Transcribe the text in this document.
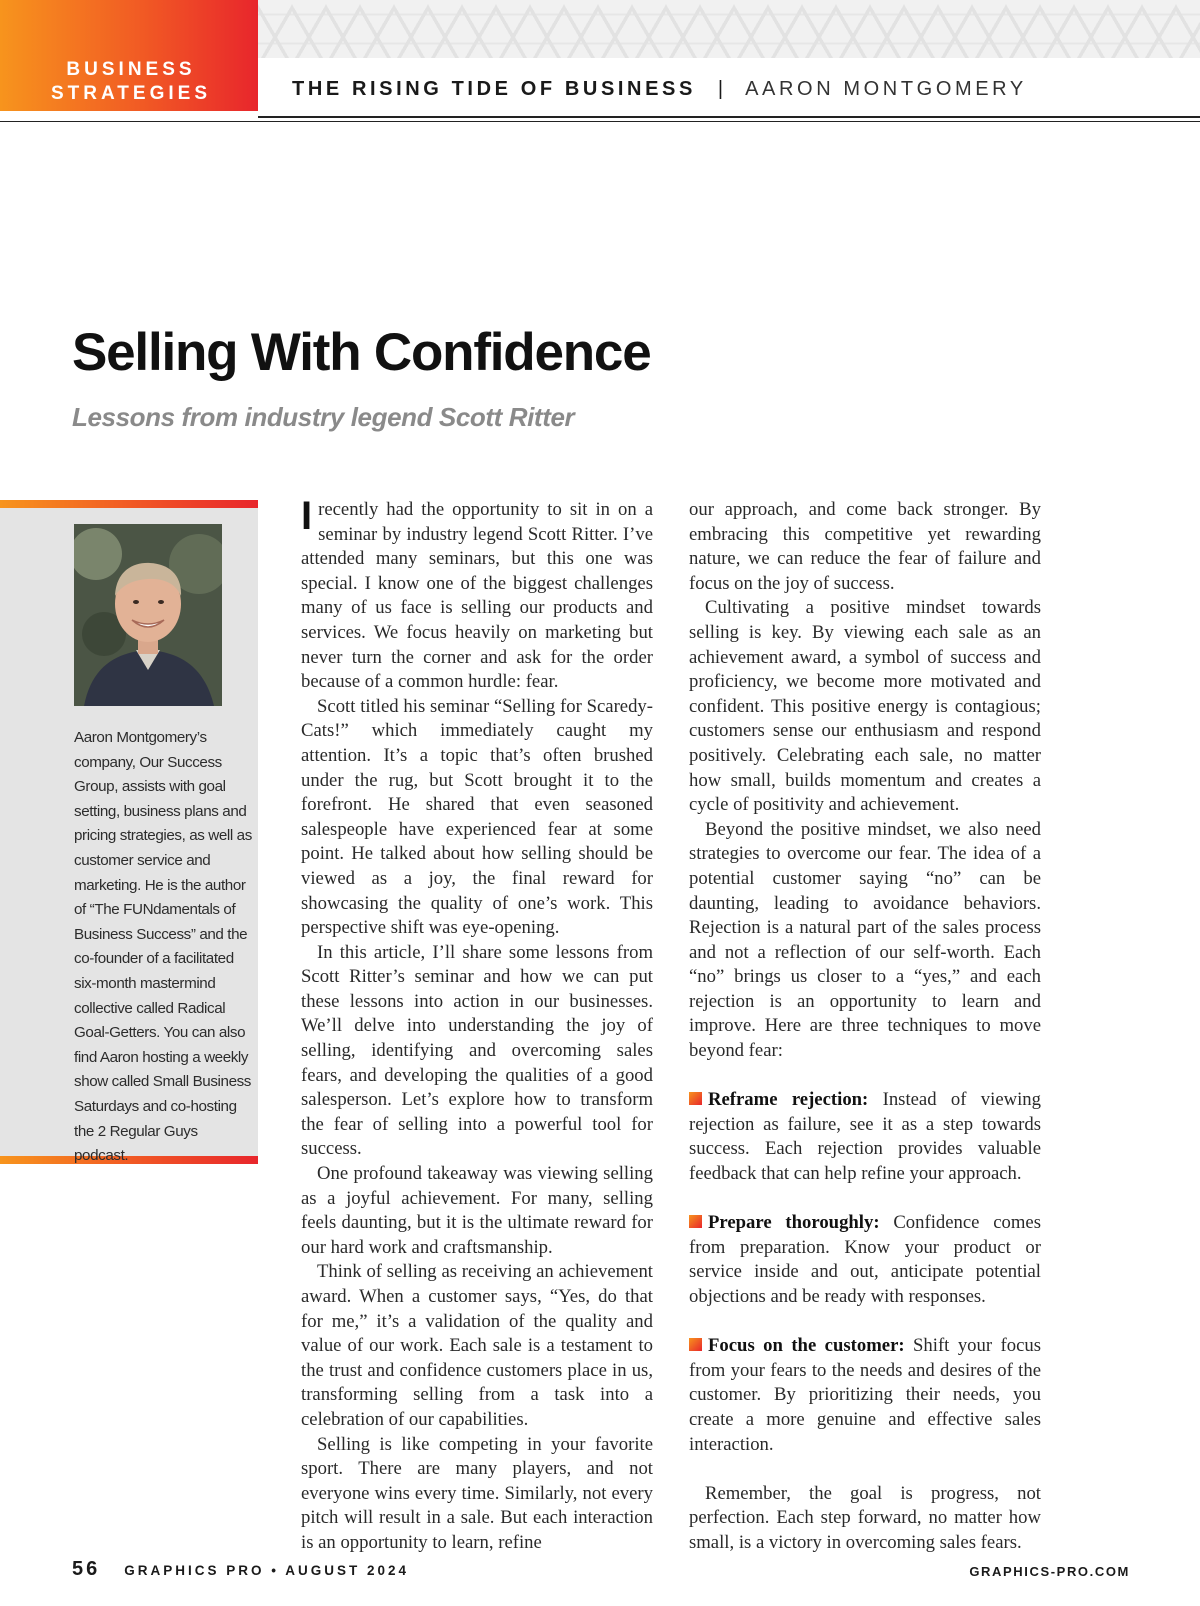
BUSINESS
STRATEGIES	THE RISING TIDE OF BUSINESS | AARON MONTGOMERY
Selling With Confidence
Lessons from industry legend Scott Ritter
Aaron Montgomery’s company, Our Success Group, assists with goal setting, business plans and pricing strategies, as well as customer service and marketing. He is the author of “The FUNdamentals of Business Success” and the co-founder of a facilitated six-month mastermind collective called Radical Goal-Getters. You can also find Aaron hosting a weekly show called Small Business Saturdays and co-hosting the 2 Regular Guys podcast.

Irecently had the opportunity to sit in on a seminar by industry legend Scott Ritter. I’ve attended many seminars, but this one was special. I know one of the biggest challenges many of us face is selling our products and services. We focus heavily on marketing but never turn the corner and ask for the order because of a common hurdle: fear.

Scott titled his seminar “Selling for Scaredy-Cats!” which immediately caught my attention. It’s a topic that’s often brushed under the rug, but Scott brought it to the forefront. He shared that even seasoned salespeople have experienced fear at some point. He talked about how selling should be viewed as a joy, the final reward for showcasing the quality of one’s work. This perspective shift was eye-opening.

In this article, I’ll share some lessons from Scott Ritter’s seminar and how we can put these lessons into action in our businesses. We’ll delve into understanding the joy of selling, identifying and overcoming sales fears, and developing the qualities of a good salesperson. Let’s explore how to transform the fear of selling into a powerful tool for success.

One profound takeaway was viewing selling as a joyful achievement. For many, selling feels daunting, but it is the ultimate reward for our hard work and craftsmanship.

Think of selling as receiving an achievement award. When a customer says, “Yes, do that for me,” it’s a validation of the quality and value of our work. Each sale is a testament to the trust and confidence customers place in us, transforming selling from a task into a celebration of our capabilities.

Selling is like competing in your favorite sport. There are many players, and not everyone wins every time. Similarly, not every pitch will result in a sale. But each interaction is an opportunity to learn, refine

our approach, and come back stronger. By embracing this competitive yet rewarding nature, we can reduce the fear of failure and focus on the joy of success.

Cultivating a positive mindset towards selling is key. By viewing each sale as an achievement award, a symbol of success and proficiency, we become more motivated and confident. This positive energy is contagious; customers sense our enthusiasm and respond positively. Celebrating each sale, no matter how small, builds momentum and creates a cycle of positivity and achievement.

Beyond the positive mindset, we also need strategies to overcome our fear. The idea of a potential customer saying “no” can be daunting, leading to avoidance behaviors. Rejection is a natural part of the sales process and not a reflection of our self-worth. Each “no” brings us closer to a “yes,” and each rejection is an opportunity to learn and improve. Here are three techniques to move beyond fear:

Reframe rejection: Instead of viewing rejection as failure, see it as a step towards success. Each rejection provides valuable feedback that can help refine your approach.

Prepare thoroughly: Confidence comes from preparation. Know your product or service inside and out, anticipate potential objections and be ready with responses.

Focus on the customer: Shift your focus from your fears to the needs and desires of the customer. By prioritizing their needs, you create a more genuine and effective sales interaction.

Remember, the goal is progress, not perfection. Each step forward, no matter how small, is a victory in overcoming sales fears.

56 GRAPHICS PRO • AUGUST 2024	GRAPHICS-PRO.COM
